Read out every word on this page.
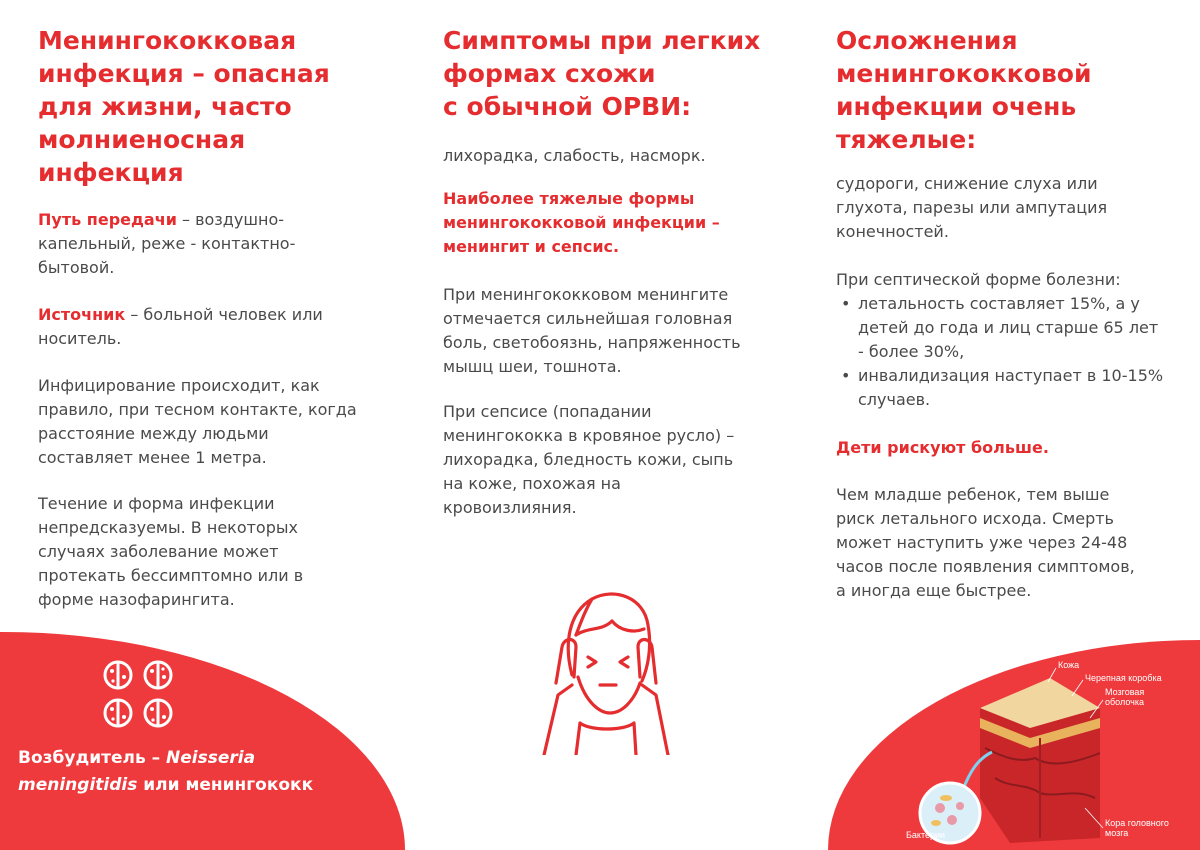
Менингококковая
инфекция – опасная
для жизни, часто
молниеносная
инфекция
Путь передачи – воздушно-
капельный, реже - контактно-
бытовой.
Источник – больной человек или
носитель.
Инфицирование происходит, как
правило, при тесном контакте, когда
расстояние между людьми
составляет менее 1 метра.
Течение и форма инфекции
непредсказуемы. В некоторых
случаях заболевание может
протекать бессимптомно или в
форме назофарингита.
Возбудитель – Neisseria
meningitidis или менингококк
Симптомы при легких
формах схожи
с обычной ОРВИ:
лихорадка, слабость, насморк.
Наиболее тяжелые формы
менингококковой инфекции –
менингит и сепсис.
При менингококковом менингите
отмечается сильнейшая головная
боль, светобоязнь, напряженность
мышц шеи, тошнота.
При сепсисе (попадании
менингококка в кровяное русло) –
лихорадка, бледность кожи, сыпь
на коже, похожая на
кровоизлияния.
Осложнения
менингококковой
инфекции очень
тяжелые:
судороги, снижение слуха или
глухота, парезы или ампутация
конечностей.
При септической форме болезни:
• летальность составляет 15%, а у
детей до года и лиц старше 65 лет
- более 30%,
• инвалидизация наступает в 10-15%
случаев.
Дети рискуют больше.
Чем младше ребенок, тем выше
риск летального исхода. Смерть
может наступить уже через 24-48
часов после появления симптомов,
а иногда еще быстрее.
Кожа
Черепная коробка
Мозговая
оболочка
Бактерии
Кора головного
мозга
